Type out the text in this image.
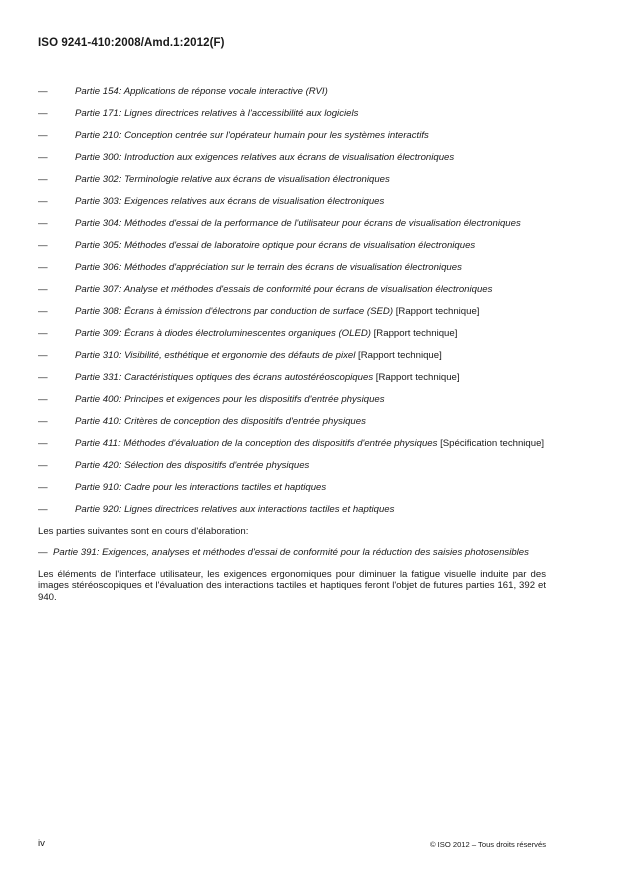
ISO 9241-410:2008/Amd.1:2012(F)
—	Partie 154: Applications de réponse vocale interactive (RVI)
—	Partie 171: Lignes directrices relatives à l'accessibilité aux logiciels
—	Partie 210: Conception centrée sur l'opérateur humain pour les systèmes interactifs
—	Partie 300: Introduction aux exigences relatives aux écrans de visualisation électroniques
—	Partie 302: Terminologie relative aux écrans de visualisation électroniques
—	Partie 303: Exigences relatives aux écrans de visualisation électroniques
—	Partie 304: Méthodes d'essai de la performance de l'utilisateur pour écrans de visualisation électroniques
—	Partie 305: Méthodes d'essai de laboratoire optique pour écrans de visualisation électroniques
—	Partie 306: Méthodes d'appréciation sur le terrain des écrans de visualisation électroniques
—	Partie 307: Analyse et méthodes d'essais de conformité pour écrans de visualisation électroniques
—	Partie 308: Écrans à émission d'électrons par conduction de surface (SED) [Rapport technique]
—	Partie 309: Écrans à diodes électroluminescentes organiques (OLED) [Rapport technique]
—	Partie 310: Visibilité, esthétique et ergonomie des défauts de pixel [Rapport technique]
—	Partie 331: Caractéristiques optiques des écrans autostéréoscopiques [Rapport technique]
—	Partie 400: Principes et exigences pour les dispositifs d'entrée physiques
—	Partie 410: Critères de conception des dispositifs d'entrée physiques
—	Partie 411: Méthodes d'évaluation de la conception des dispositifs d'entrée physiques [Spécification technique]
—	Partie 420: Sélection des dispositifs d'entrée physiques
—	Partie 910: Cadre pour les interactions tactiles et haptiques
—	Partie 920: Lignes directrices relatives aux interactions tactiles et haptiques
Les parties suivantes sont en cours d'élaboration:
— Partie 391: Exigences, analyses et méthodes d'essai de conformité pour la réduction des saisies photosensibles
Les éléments de l'interface utilisateur, les exigences ergonomiques pour diminuer la fatigue visuelle induite par des images stéréoscopiques et l'évaluation des interactions tactiles et haptiques feront l'objet de futures parties 161, 392 et 940.
iv	© ISO 2012 – Tous droits réservés
